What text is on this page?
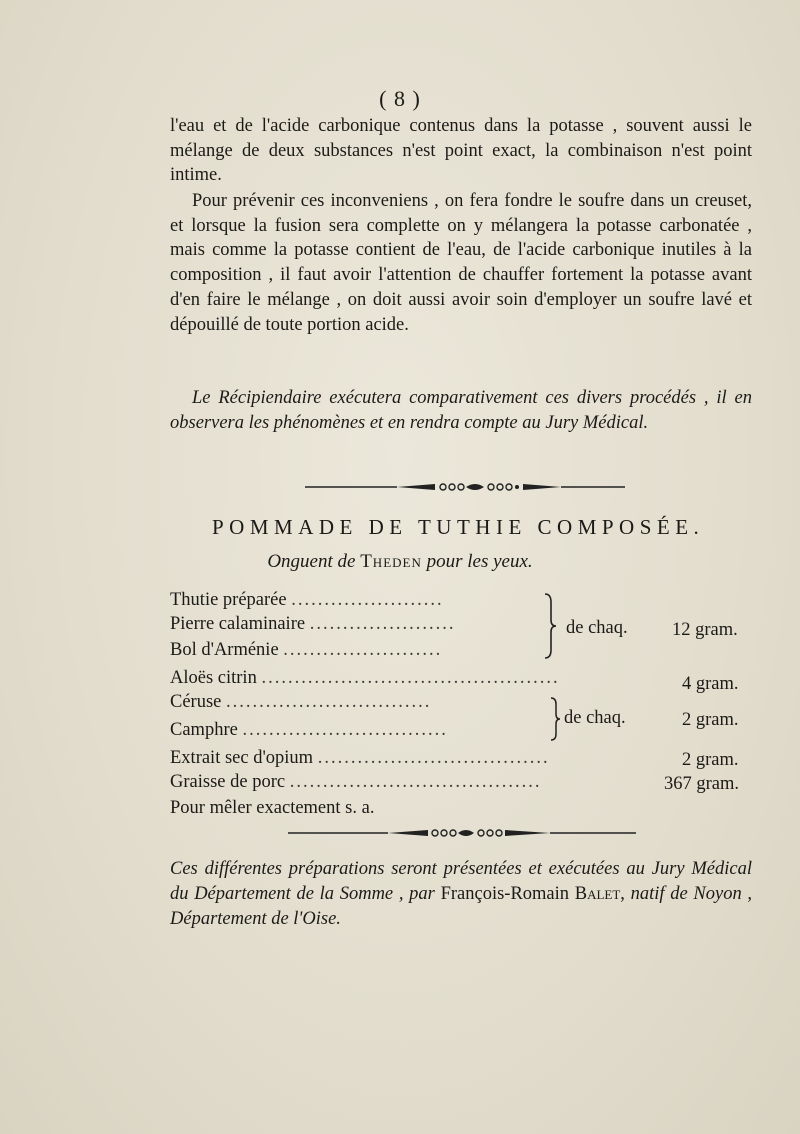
( 8 )

l'eau et de l'acide carbonique contenus dans la potasse , souvent aussi le mélange de deux substances n'est point exact, la combinaison n'est point intime.

Pour prévenir ces inconveniens , on fera fondre le soufre dans un creuset, et lorsque la fusion sera complette on y mélangera la potasse carbonatée , mais comme la potasse contient de l'eau, de l'acide carbonique inutiles à la composition , il faut avoir l'attention de chauffer fortement la potasse avant d'en faire le mélange , on doit aussi avoir soin d'employer un soufre lavé et dépouillé de toute portion acide.

Le Récipiendaire exécutera comparativement ces divers procédés , il en observera les phénomènes et en rendra compte au Jury Médical.

POMMADE DE TUTHIE COMPOSÉE.
Onguent de Theden pour les yeux.
Thutie préparée .......................
Pierre calaminaire ......................
Bol d'Arménie ........................
de chaq. 12 gram.
Aloës citrin .............................................	4 gram.
Céruse ...............................
Camphre ...............................
de chaq.	2 gram.
Extrait sec d'opium ...................................	2 gram.
Graisse de porc ......................................	367 gram.
Pour mêler exactement s. a.

Ces différentes préparations seront présentées et exécutées au Jury Médical du Département de la Somme , par François-Romain Balet, natif de Noyon , Département de l'Oise.
